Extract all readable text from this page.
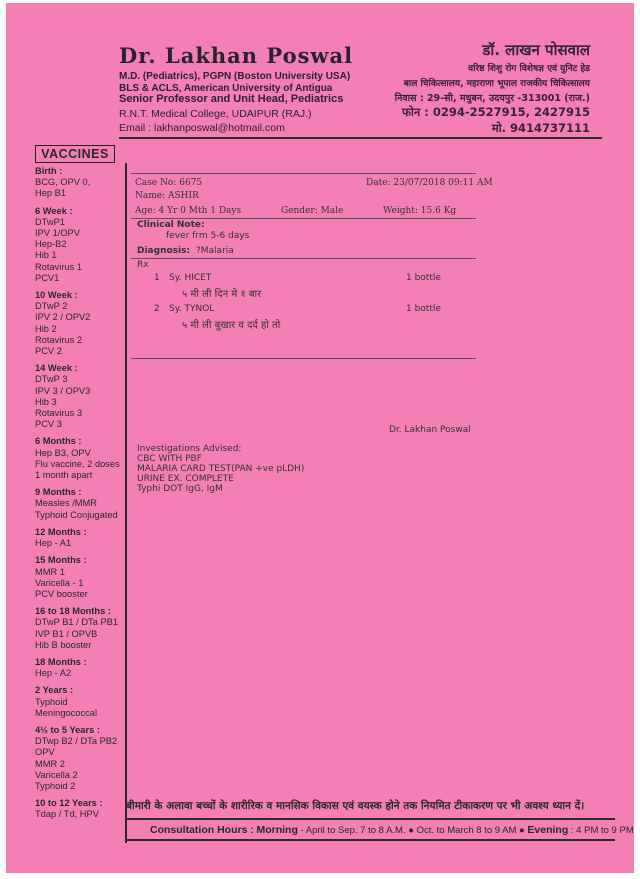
Dr. Lakhan Poswal
M.D. (Pediatrics), PGPN (Boston University USA)
BLS & ACLS, American University of Antigua
Senior Professor and Unit Head, Pediatrics
R.N.T. Medical College, UDAIPUR (RAJ.)
Email : lakhanposwal@hotmail.com
डॉ. लाखन पोसवाल
वरिष्ठ शिशु रोग विशेषज्ञ एवं युनिट हेड
बाल चिकित्सालय, महाराणा भूपाल राजकीय चिकित्सालय
निवास : 29-सी, मधुबन, उदयपुर -313001 (राज.)
फोन : 0294-2527915, 2427915
मो. 9414737111
VACCINES
Birth :
BCG, OPV 0,
Hep B1
6 Week :
DTwP1
IPV 1/OPV
Hep-B2
Hib 1
Rotavirus 1
PCV1
10 Week :
DTwP 2
IPV 2 / OPV2
Hib 2
Rotavirus 2
PCV 2
14 Week :
DTwP 3
IPV 3 / OPV3
Hib 3
Rotavirus 3
PCV 3
6 Months :
Hep B3, OPV
Flu vaccine, 2 doses
1 month apart
9 Months :
Measles /MMR
Typhoid Conjugated
12 Months :
Hep - A1
15 Months :
MMR 1
Varicella - 1
PCV booster
16 to 18 Months :
DTwP B1 / DTa PB1
IVP B1 / OPVB
Hib B booster
18 Months :
Hep - A2
2 Years :
Typhoid
Meningococcal
4½ to 5 Years :
DTwp B2 / DTa PB2
OPV
MMR 2
Varicella 2
Typhoid 2
10 to 12 Years :
Tdap / Td, HPV
Case No: 6675	Date: 23/07/2018 09:11 AM
Name: ASHIR
Age: 4 Yr 0 Mth 1 Days	Gender: Male	Weight: 15.6 Kg
Clinical Note:
fever frm 5-6 days
Diagnosis: ?Malaria
Rx
1 Sy. HICET	1 bottle
५ मी ली दिन मे १ बार
2 Sy. TYNOL	1 bottle
५ मी ली बुखार व दर्द हो तो
Dr. Lakhan Poswal
Investigations Advised:
CBC WITH PBF
MALARIA CARD TEST(PAN +ve pLDH)
URINE EX. COMPLETE
Typhi DOT IgG, IgM
बीमारी के अलावा बच्चों के शारीरिक व मानसिक विकास एवं वयस्क होने तक नियमित टीकाकरण पर भी अवश्य ध्यान दें।
Consultation Hours : Morning - April to Sep. 7 to 8 A.M. ● Oct. to March 8 to 9 AM ● Evening : 4 PM to 9 PM
